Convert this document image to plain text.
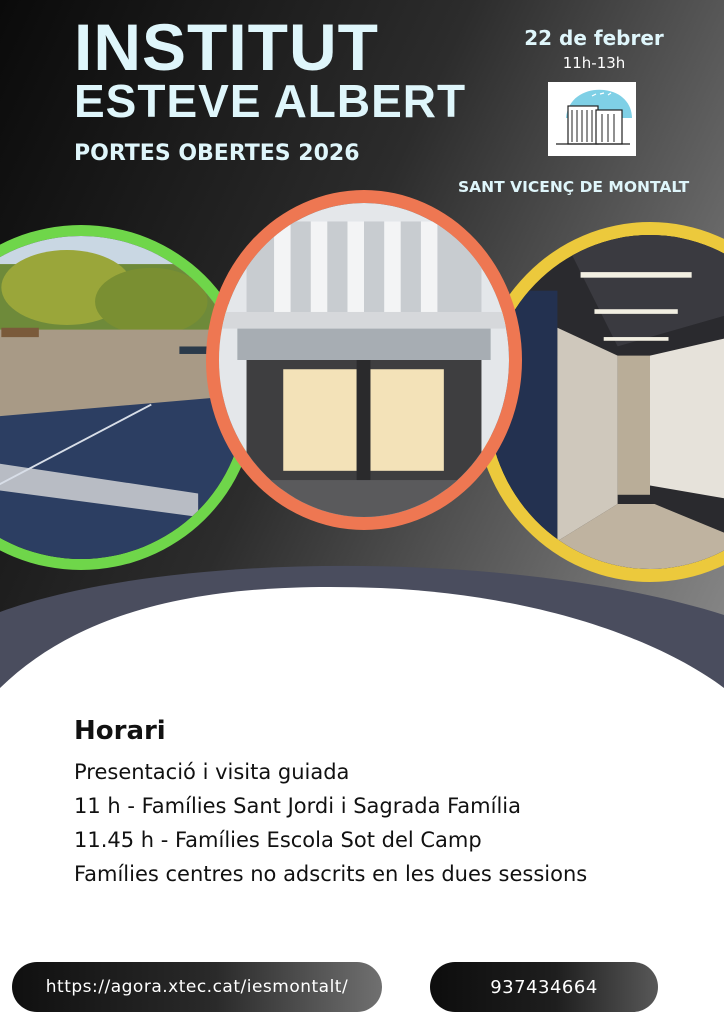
INSTITUT
ESTEVE ALBERT
PORTES OBERTES 2026
22 de febrer
11h-13h
SANT VICENÇ DE MONTALT
Horari
Presentació i visita guiada
11 h - Famílies Sant Jordi i Sagrada Família
11.45 h - Famílies Escola Sot del Camp
Famílies centres no adscrits en les dues sessions
https://agora.xtec.cat/iesmontalt/	937434664
